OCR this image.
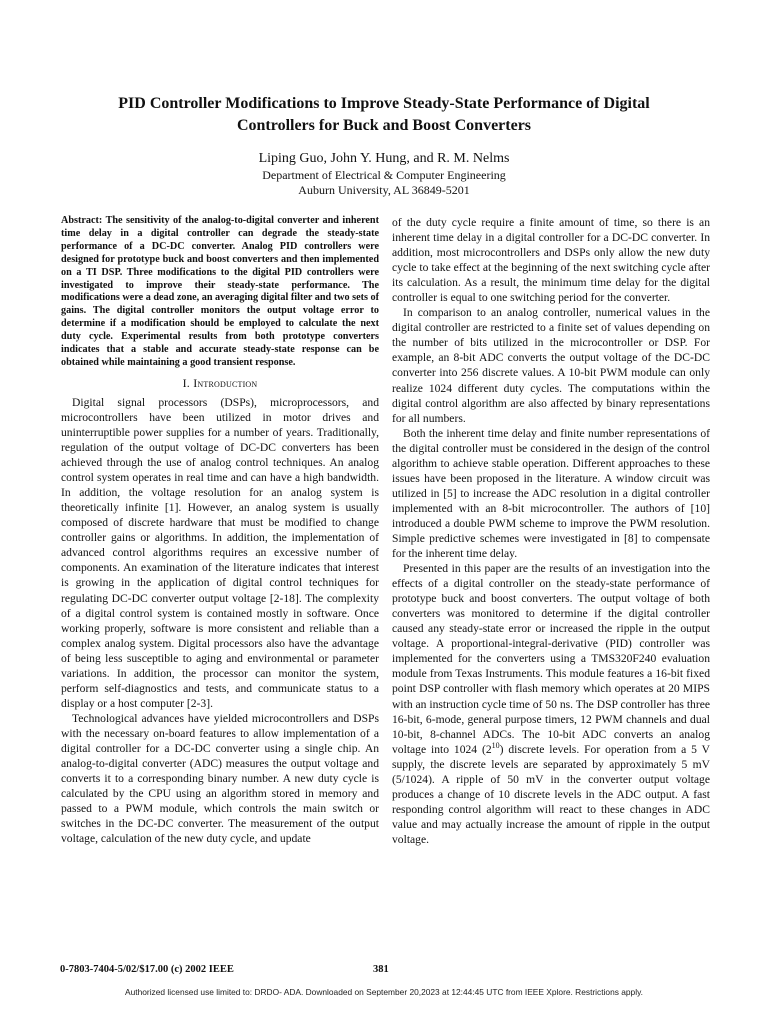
PID Controller Modifications to Improve Steady-State Performance of Digital
Controllers for Buck and Boost Converters
Liping Guo, John Y. Hung, and R. M. Nelms
Department of Electrical & Computer Engineering
Auburn University, AL 36849-5201

Abstract: The sensitivity of the analog-to-digital converter and inherent time delay in a digital controller can degrade the steady-state performance of a DC-DC converter. Analog PID controllers were designed for prototype buck and boost converters and then implemented on a TI DSP. Three modifications to the digital PID controllers were investigated to improve their steady-state performance. The modifications were a dead zone, an averaging digital filter and two sets of gains. The digital controller monitors the output voltage error to determine if a modification should be employed to calculate the next duty cycle. Experimental results from both prototype converters indicates that a stable and accurate steady-state response can be obtained while maintaining a good transient response.

I. Introduction

Digital signal processors (DSPs), microprocessors, and microcontrollers have been utilized in motor drives and uninterruptible power supplies for a number of years. Traditionally, regulation of the output voltage of DC-DC converters has been achieved through the use of analog control techniques. An analog control system operates in real time and can have a high bandwidth. In addition, the voltage resolution for an analog system is theoretically infinite [1]. However, an analog system is usually composed of discrete hardware that must be modified to change controller gains or algorithms. In addition, the implementation of advanced control algorithms requires an excessive number of components. An examination of the literature indicates that interest is growing in the application of digital control techniques for regulating DC-DC converter output voltage [2-18]. The complexity of a digital control system is contained mostly in software. Once working properly, software is more consistent and reliable than a complex analog system. Digital processors also have the advantage of being less susceptible to aging and environmental or parameter variations. In addition, the processor can monitor the system, perform self-diagnostics and tests, and communicate status to a display or a host computer [2-3].

Technological advances have yielded microcontrollers and DSPs with the necessary on-board features to allow implementation of a digital controller for a DC-DC converter using a single chip. An analog-to-digital converter (ADC) measures the output voltage and converts it to a corresponding binary number. A new duty cycle is calculated by the CPU using an algorithm stored in memory and passed to a PWM module, which controls the main switch or switches in the DC-DC converter. The measurement of the output voltage, calculation of the new duty cycle, and update

of the duty cycle require a finite amount of time, so there is an inherent time delay in a digital controller for a DC-DC converter. In addition, most microcontrollers and DSPs only allow the new duty cycle to take effect at the beginning of the next switching cycle after its calculation. As a result, the minimum time delay for the digital controller is equal to one switching period for the converter.

In comparison to an analog controller, numerical values in the digital controller are restricted to a finite set of values depending on the number of bits utilized in the microcontroller or DSP. For example, an 8-bit ADC converts the output voltage of the DC-DC converter into 256 discrete values. A 10-bit PWM module can only realize 1024 different duty cycles. The computations within the digital control algorithm are also affected by binary representations for all numbers.

Both the inherent time delay and finite number representations of the digital controller must be considered in the design of the control algorithm to achieve stable operation. Different approaches to these issues have been proposed in the literature. A window circuit was utilized in [5] to increase the ADC resolution in a digital controller implemented with an 8-bit microcontroller. The authors of [10] introduced a double PWM scheme to improve the PWM resolution. Simple predictive schemes were investigated in [8] to compensate for the inherent time delay.

Presented in this paper are the results of an investigation into the effects of a digital controller on the steady-state performance of prototype buck and boost converters. The output voltage of both converters was monitored to determine if the digital controller caused any steady-state error or increased the ripple in the output voltage. A proportional-integral-derivative (PID) controller was implemented for the converters using a TMS320F240 evaluation module from Texas Instruments. This module features a 16-bit fixed point DSP controller with flash memory which operates at 20 MIPS with an instruction cycle time of 50 ns. The DSP controller has three 16-bit, 6-mode, general purpose timers, 12 PWM channels and dual 10-bit, 8-channel ADCs. The 10-bit ADC converts an analog voltage into 1024 $(2^{10})$ discrete levels. For operation from a 5 V supply, the discrete levels are separated by approximately 5 mV (5/1024). A ripple of 50 mV in the converter output voltage produces a change of 10 discrete levels in the ADC output. A fast responding control algorithm will react to these changes in ADC value and may actually increase the amount of ripple in the output voltage.

0-7803-7404-5/02/$17.00 (c) 2002 IEEE	381
Authorized licensed use limited to: DRDO- ADA. Downloaded on September 20,2023 at 12:44:45 UTC from IEEE Xplore. Restrictions apply.
